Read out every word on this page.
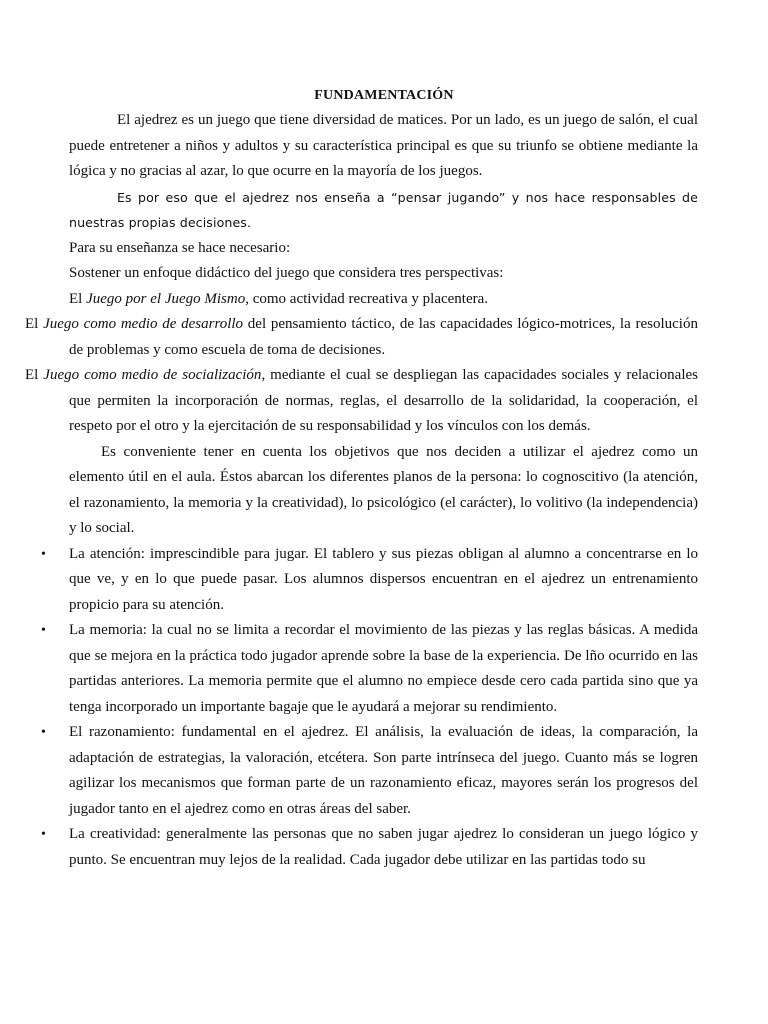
FUNDAMENTACIÓN

El ajedrez es un juego que tiene diversidad de matices. Por un lado, es un juego de salón, el cual puede entretener a niños y adultos y su característica principal es que su triunfo se obtiene mediante la lógica y no gracias al azar, lo que ocurre en la mayoría de los juegos.

Es por eso que el ajedrez nos enseña a “pensar jugando” y nos hace responsables de nuestras propias decisiones.

Para su enseñanza se hace necesario:

Sostener un enfoque didáctico del juego que considera tres perspectivas:

El Juego por el Juego Mismo, como actividad recreativa y placentera.

El Juego como medio de desarrollo del pensamiento táctico, de las capacidades lógico-motrices, la resolución de problemas y como escuela de toma de decisiones.

El Juego como medio de socialización, mediante el cual se despliegan las capacidades sociales y relacionales que permiten la incorporación de normas, reglas, el desarrollo de la solidaridad, la cooperación, el respeto por el otro y la ejercitación de su responsabilidad y los vínculos con los demás.

Es conveniente tener en cuenta los objetivos que nos deciden a utilizar el ajedrez como un elemento útil en el aula. Éstos abarcan los diferentes planos de la persona: lo cognoscitivo (la atención, el razonamiento, la memoria y la creatividad), lo psicológico (el carácter), lo volitivo (la independencia) y lo social.

• La atención: imprescindible para jugar. El tablero y sus piezas obligan al alumno a concentrarse en lo que ve, y en lo que puede pasar. Los alumnos dispersos encuentran en el ajedrez un entrenamiento propicio para su atención.
• La memoria: la cual no se limita a recordar el movimiento de las piezas y las reglas básicas. A medida que se mejora en la práctica todo jugador aprende sobre la base de la experiencia. De lño ocurrido en las partidas anteriores. La memoria permite que el alumno no empiece desde cero cada partida sino que ya tenga incorporado un importante bagaje que le ayudará a mejorar su rendimiento.
• El razonamiento: fundamental en el ajedrez. El análisis, la evaluación de ideas, la comparación, la adaptación de estrategias, la valoración, etcétera. Son parte intrínseca del juego. Cuanto más se logren agilizar los mecanismos que forman parte de un razonamiento eficaz, mayores serán los progresos del jugador tanto en el ajedrez como en otras áreas del saber.
• La creatividad: generalmente las personas que no saben jugar ajedrez lo consideran un juego lógico y punto. Se encuentran muy lejos de la realidad. Cada jugador debe utilizar en las partidas todo su
